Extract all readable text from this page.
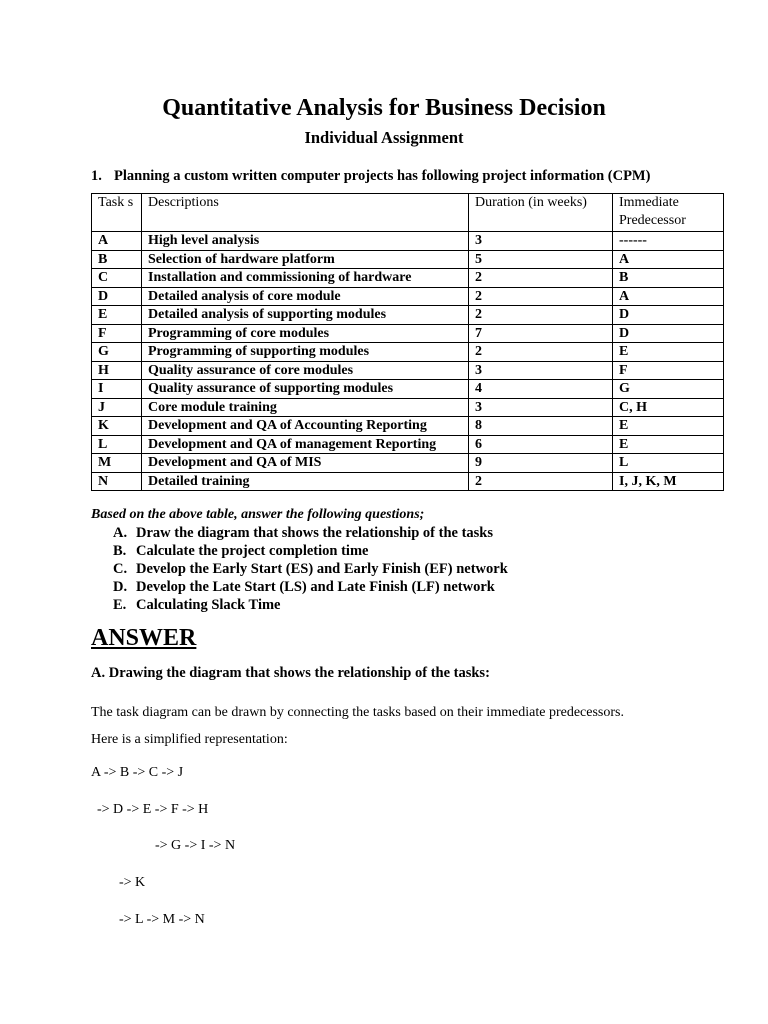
Quantitative Analysis for Business Decision
Individual Assignment
1. Planning a custom written computer projects has following project information (CPM)
Task s	Descriptions	Duration (in weeks)	Immediate Predecessor
A	High level analysis	3	------
B	Selection of hardware platform	5	A
C	Installation and commissioning of hardware	2	B
D	Detailed analysis of core module	2	A
E	Detailed analysis of supporting modules	2	D
F	Programming of core modules	7	D
G	Programming of supporting modules	2	E
H	Quality assurance of core modules	3	F
I	Quality assurance of supporting modules	4	G
J	Core module training	3	C, H
K	Development and QA of Accounting Reporting	8	E
L	Development and QA of management Reporting	6	E
M	Development and QA of MIS	9	L
N	Detailed training	2	I, J, K, M
Based on the above table, answer the following questions;
A. Draw the diagram that shows the relationship of the tasks
B. Calculate the project completion time
C. Develop the Early Start (ES) and Early Finish (EF) network
D. Develop the Late Start (LS) and Late Finish (LF) network
E. Calculating Slack Time
ANSWER
A. Drawing the diagram that shows the relationship of the tasks:
The task diagram can be drawn by connecting the tasks based on their immediate predecessors.
Here is a simplified representation:
A -> B -> C -> J
-> D -> E -> F -> H
-> G -> I -> N
-> K
-> L -> M -> N
